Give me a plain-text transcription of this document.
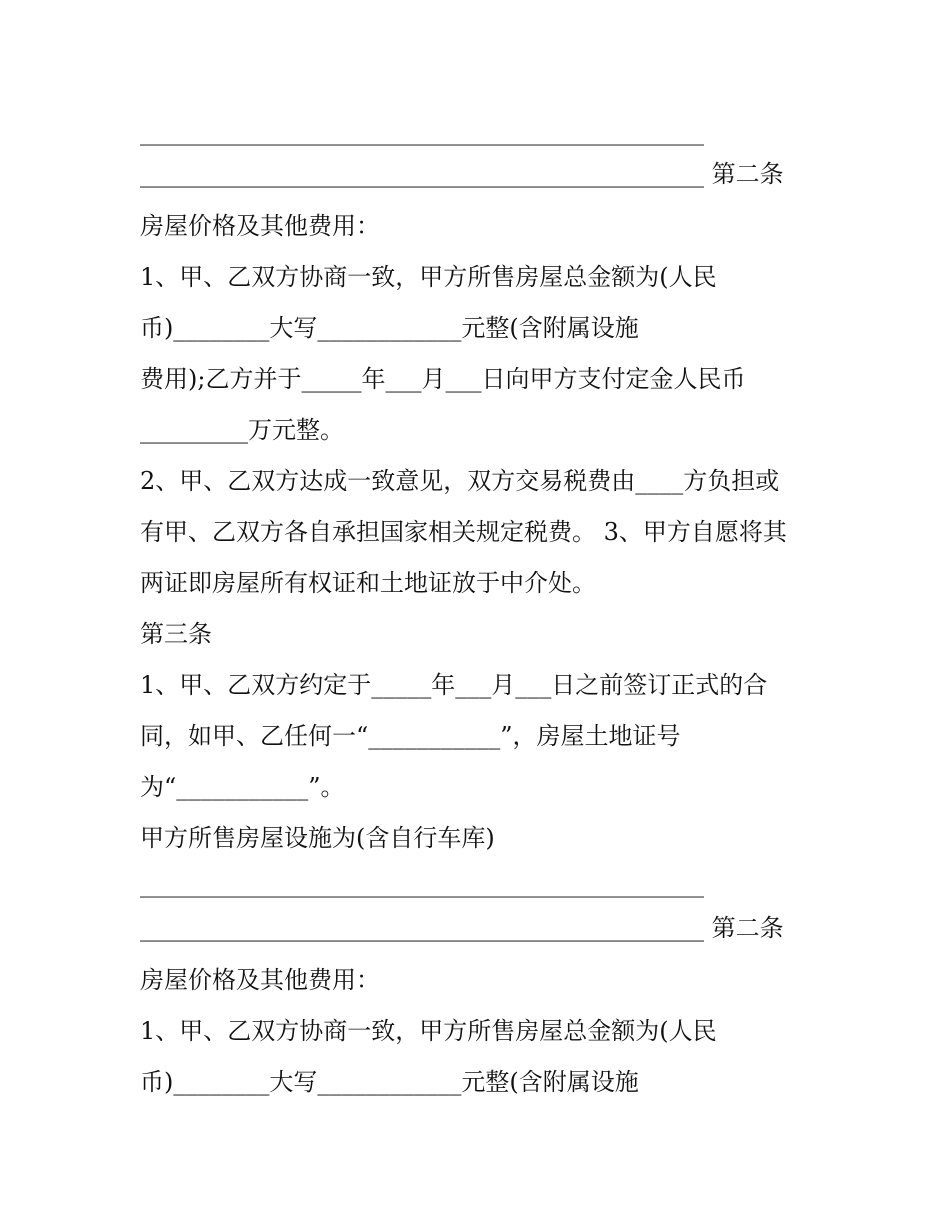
_______________________________________________
_______________________________________________ 第二条
房屋价格及其他费用：
1、甲、乙双方协商一致，甲方所售房屋总金额为(人民
币)________大写____________元整(含附属设施
费用);乙方并于_____年___月___日向甲方支付定金人民币
_________万元整。
2、甲、乙双方达成一致意见，双方交易税费由____方负担或
有甲、乙双方各自承担国家相关规定税费。 3、甲方自愿将其
两证即房屋所有权证和土地证放于中介处。
第三条
1、甲、乙双方约定于_____年___月___日之前签订正式的合
同，如甲、乙任何一“___________”，房屋土地证号
为“___________”。
甲方所售房屋设施为(含自行车库)
_______________________________________________
_______________________________________________ 第二条
房屋价格及其他费用：
1、甲、乙双方协商一致，甲方所售房屋总金额为(人民
币)________大写____________元整(含附属设施
